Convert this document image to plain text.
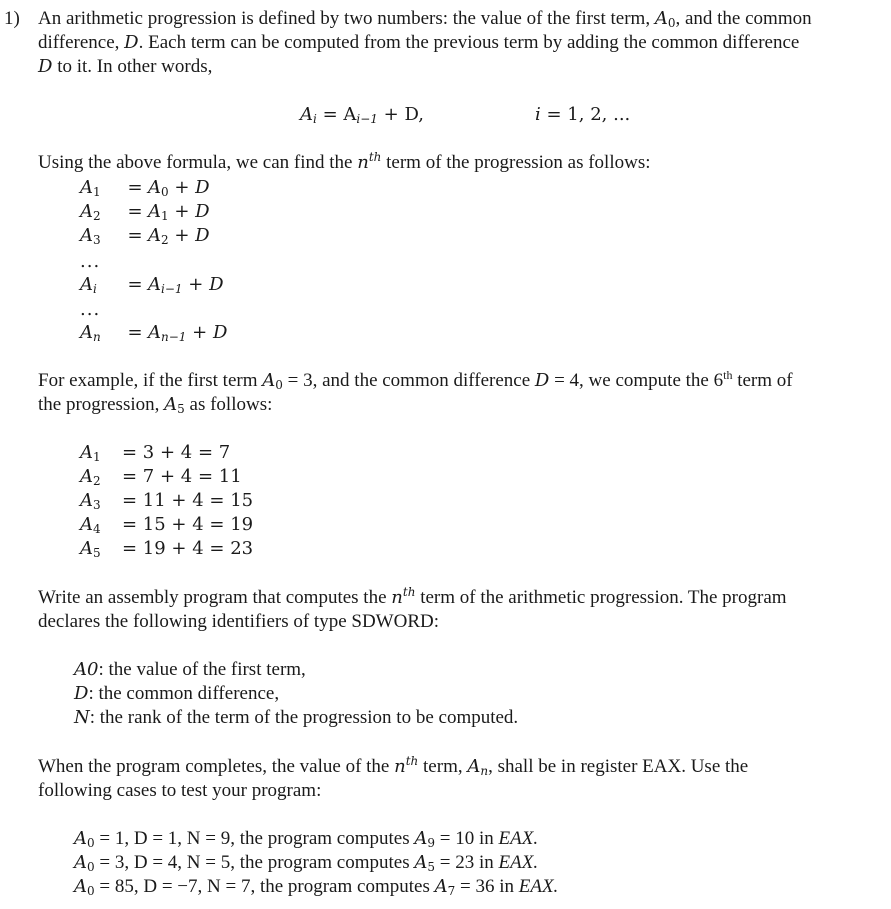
1) An arithmetic progression is defined by two numbers: the value of the first term, $A_0$, and the common
difference, D. Each term can be computed from the previous term by adding the common difference
D to it. In other words,
$A_i = A_{i-1} + D$,	i = 1, 2, ...
Using the above formula, we can find the $n^{th}$ term of the progression as follows:
$A_1 = A_0 + D$
$A_2 = A_1 + D$
$A_3 = A_2 + D$
...
$A_i = A_{i-1} + D$
...
$A_n = A_{n-1} + D$
For example, if the first term $A_0 = 3$, and the common difference D = 4, we compute the 6th term of
the progression, $A_5$ as follows:
$A_1 = 3 + 4 = 7$
$A_2 = 7 + 4 = 11$
$A_3 = 11 + 4 = 15$
$A_4 = 15 + 4 = 19$
$A_5 = 19 + 4 = 23$
Write an assembly program that computes the $n^{th}$ term of the arithmetic progression. The program
declares the following identifiers of type SDWORD:
A0: the value of the first term,
D: the common difference,
N: the rank of the term of the progression to be computed.
When the program completes, the value of the $n^{th}$ term, $A_n$, shall be in register EAX. Use the
following cases to test your program:
$A_0 = 1$, D = 1, N = 9, the program computes $A_9 = 10$ in EAX.
$A_0 = 3$, D = 4, N = 5, the program computes $A_5 = 23$ in EAX.
$A_0 = 85$, D = −7, N = 7, the program computes $A_7 = 36$ in EAX.
